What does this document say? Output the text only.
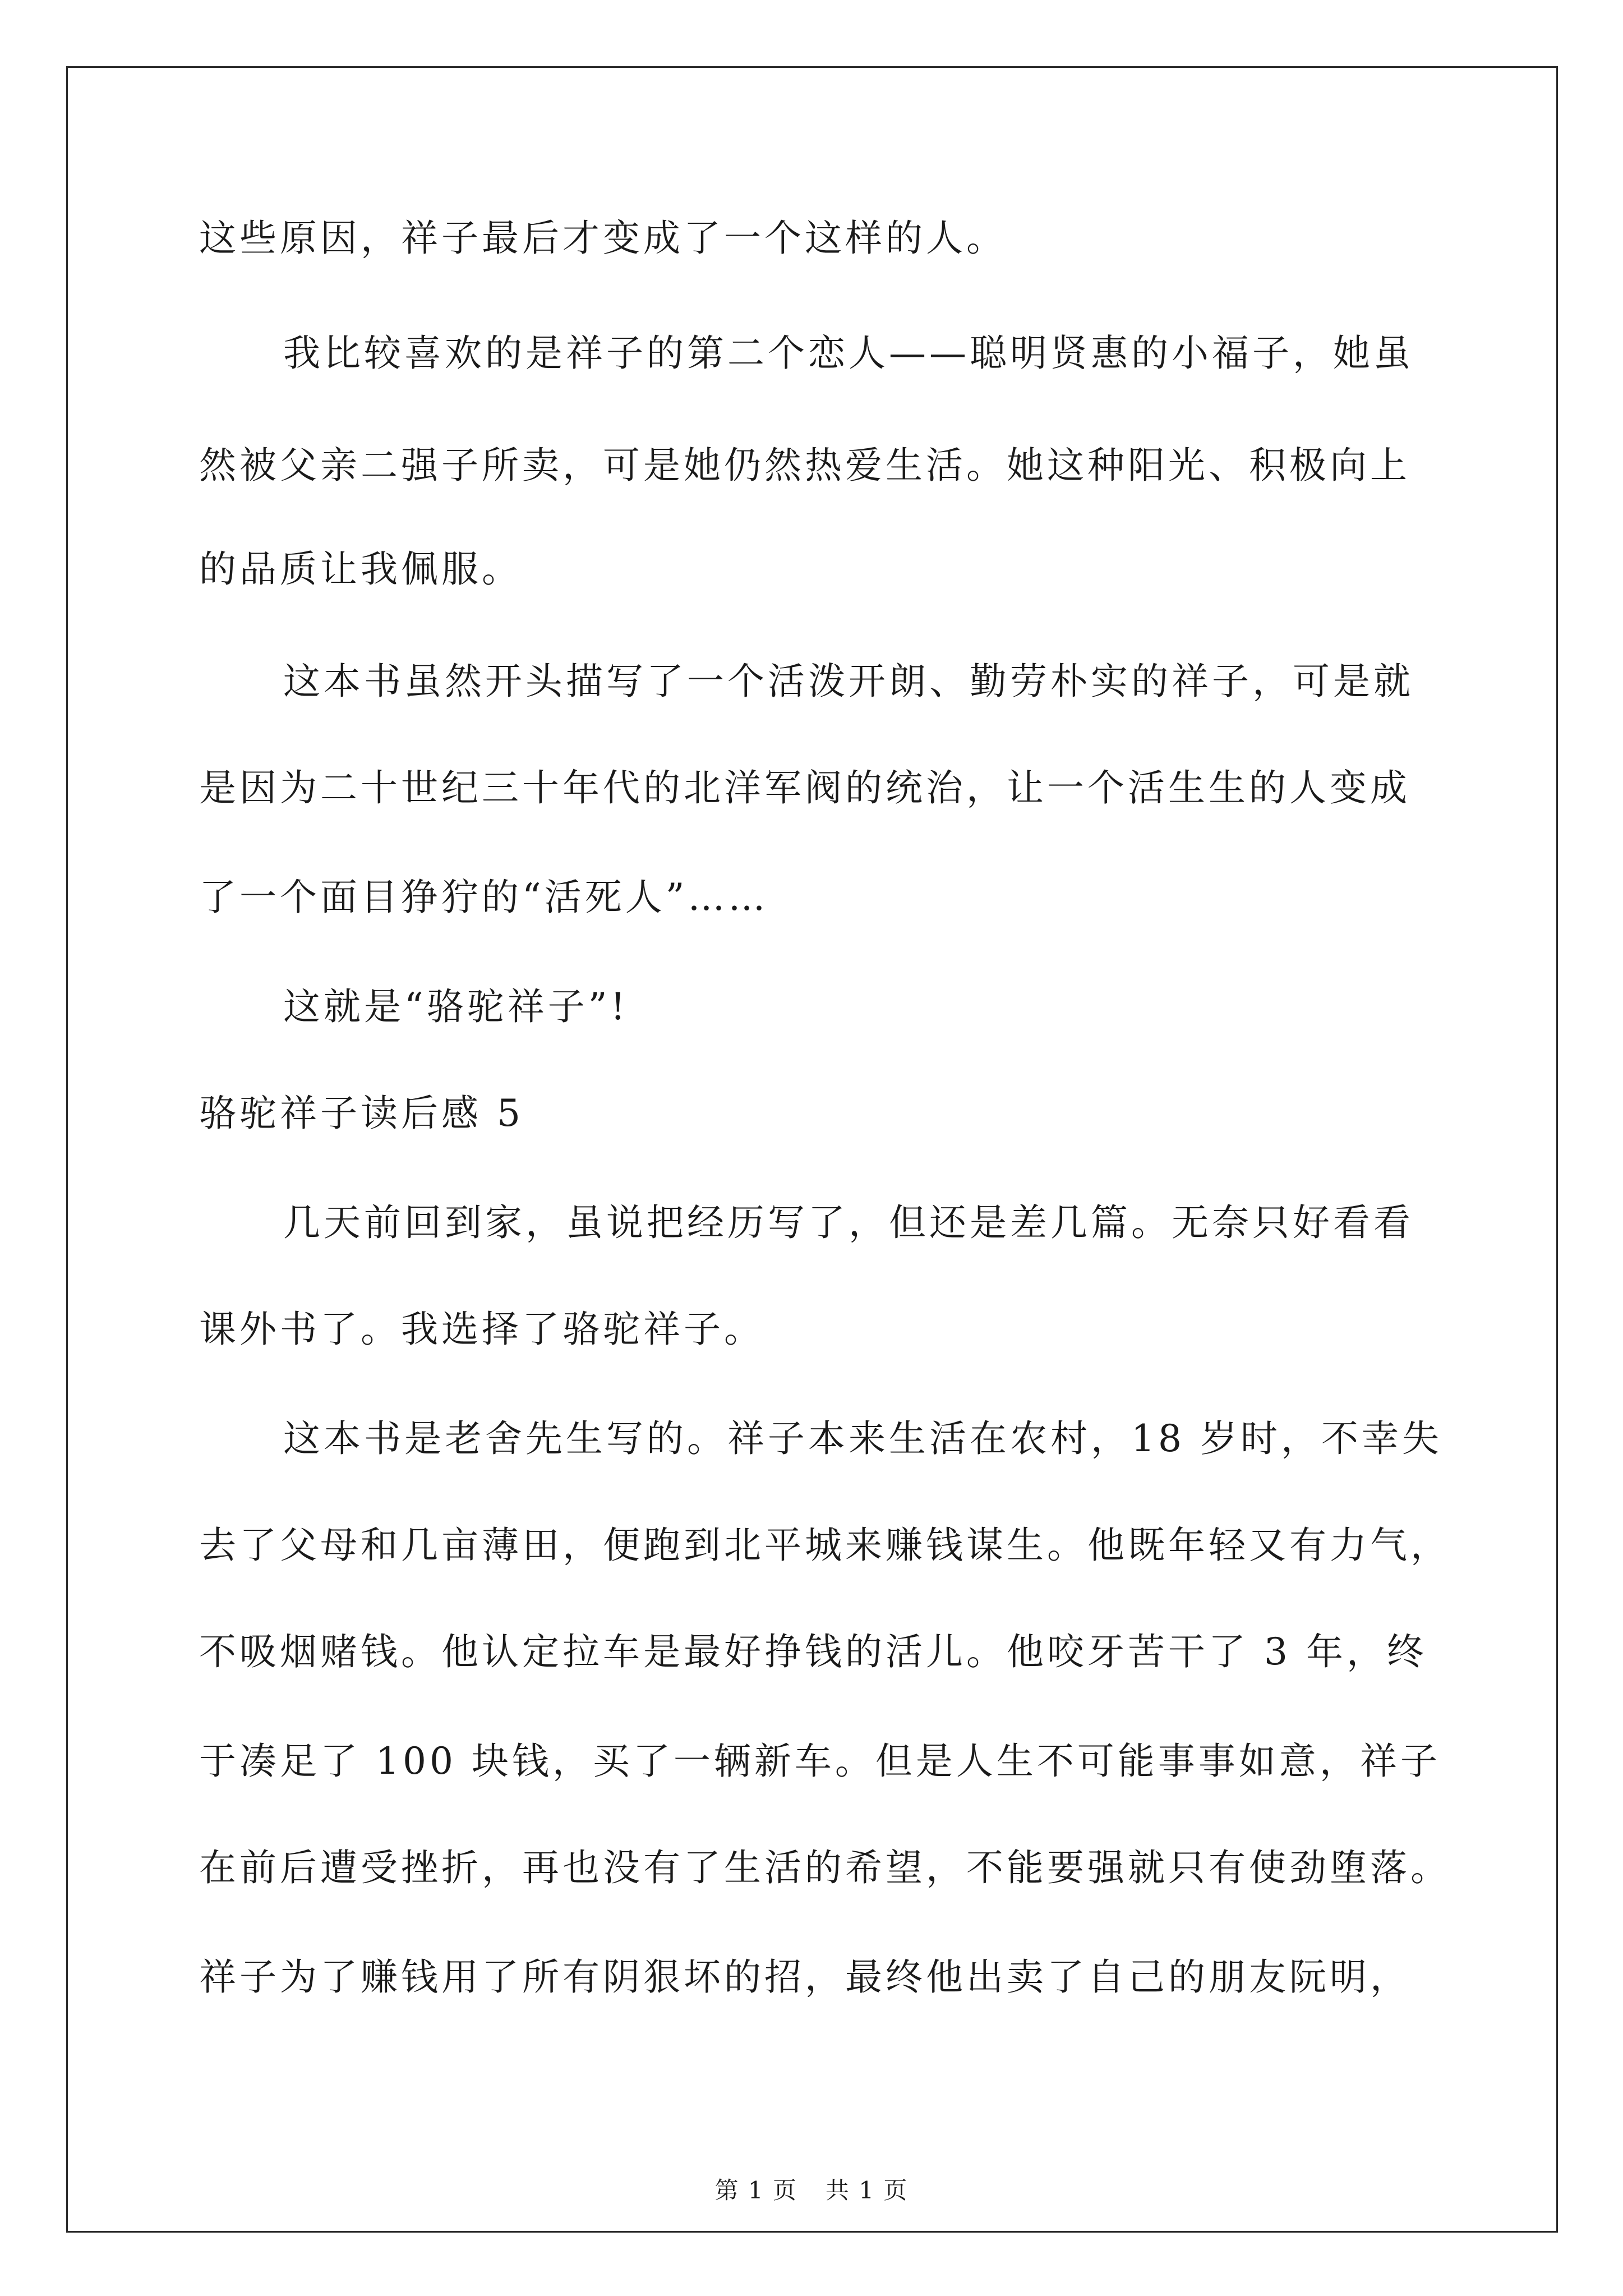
这些原因，祥子最后才变成了一个这样的人。
我比较喜欢的是祥子的第二个恋人——聪明贤惠的小福子，她虽
然被父亲二强子所卖，可是她仍然热爱生活。她这种阳光、积极向上
的品质让我佩服。
这本书虽然开头描写了一个活泼开朗、勤劳朴实的祥子，可是就
是因为二十世纪三十年代的北洋军阀的统治，让一个活生生的人变成
了一个面目狰狞的“活死人”……
这就是“骆驼祥子”!
骆驼祥子读后感 5
几天前回到家，虽说把经历写了，但还是差几篇。无奈只好看看
课外书了。我选择了骆驼祥子。
这本书是老舍先生写的。祥子本来生活在农村，18 岁时，不幸失
去了父母和几亩薄田，便跑到北平城来赚钱谋生。他既年轻又有力气，
不吸烟赌钱。他认定拉车是最好挣钱的活儿。他咬牙苦干了 3 年，终
于凑足了 100 块钱，买了一辆新车。但是人生不可能事事如意，祥子
在前后遭受挫折，再也没有了生活的希望，不能要强就只有使劲堕落。
祥子为了赚钱用了所有阴狠坏的招，最终他出卖了自己的朋友阮明，
第 1 页 共 1 页
